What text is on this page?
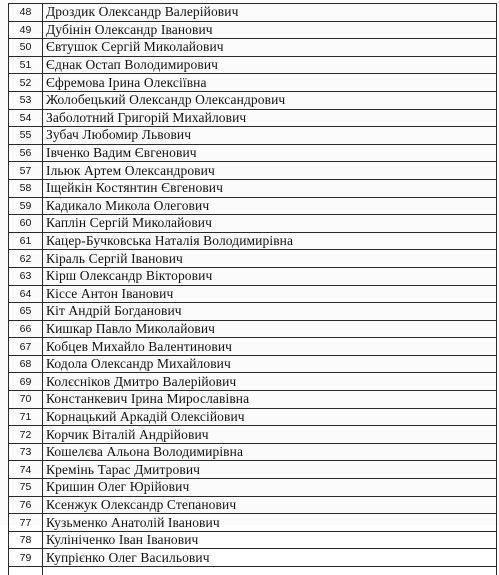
48	Дроздик Олександр Валерійович
49	Дубінін Олександр Іванович
50	Євтушок Сергій Миколайович
51	Єднак Остап Володимирович
52	Єфремова Ірина Олексіївна
53	Жолобецький Олександр Олександрович
54	Заболотний Григорій Михайлович
55	Зубач Любомир Львович
56	Івченко Вадим Євгенович
57	Ільюк Артем Олександрович
58	Іщейкін Костянтин Євгенович
59	Кадикало Микола Олегович
60	Каплін Сергій Миколайович
61	Кацер-Бучковська Наталія Володимирівна
62	Кіраль Сергій Іванович
63	Кірш Олександр Вікторович
64	Кіссе Антон Іванович
65	Кіт Андрій Богданович
66	Кишкар Павло Миколайович
67	Кобцев Михайло Валентинович
68	Кодола Олександр Михайлович
69	Колєсніков Дмитро Валерійович
70	Констанкевич Ірина Мирославівна
71	Корнацький Аркадій Олексійович
72	Корчик Віталій Андрійович
73	Кошелєва Альона Володимирівна
74	Кремінь Тарас Дмитрович
75	Кришин Олег Юрійович
76	Ксенжук Олександр Степанович
77	Кузьменко Анатолій Іванович
78	Кулініченко Іван Іванович
79	Купрієнко Олег Васильович
